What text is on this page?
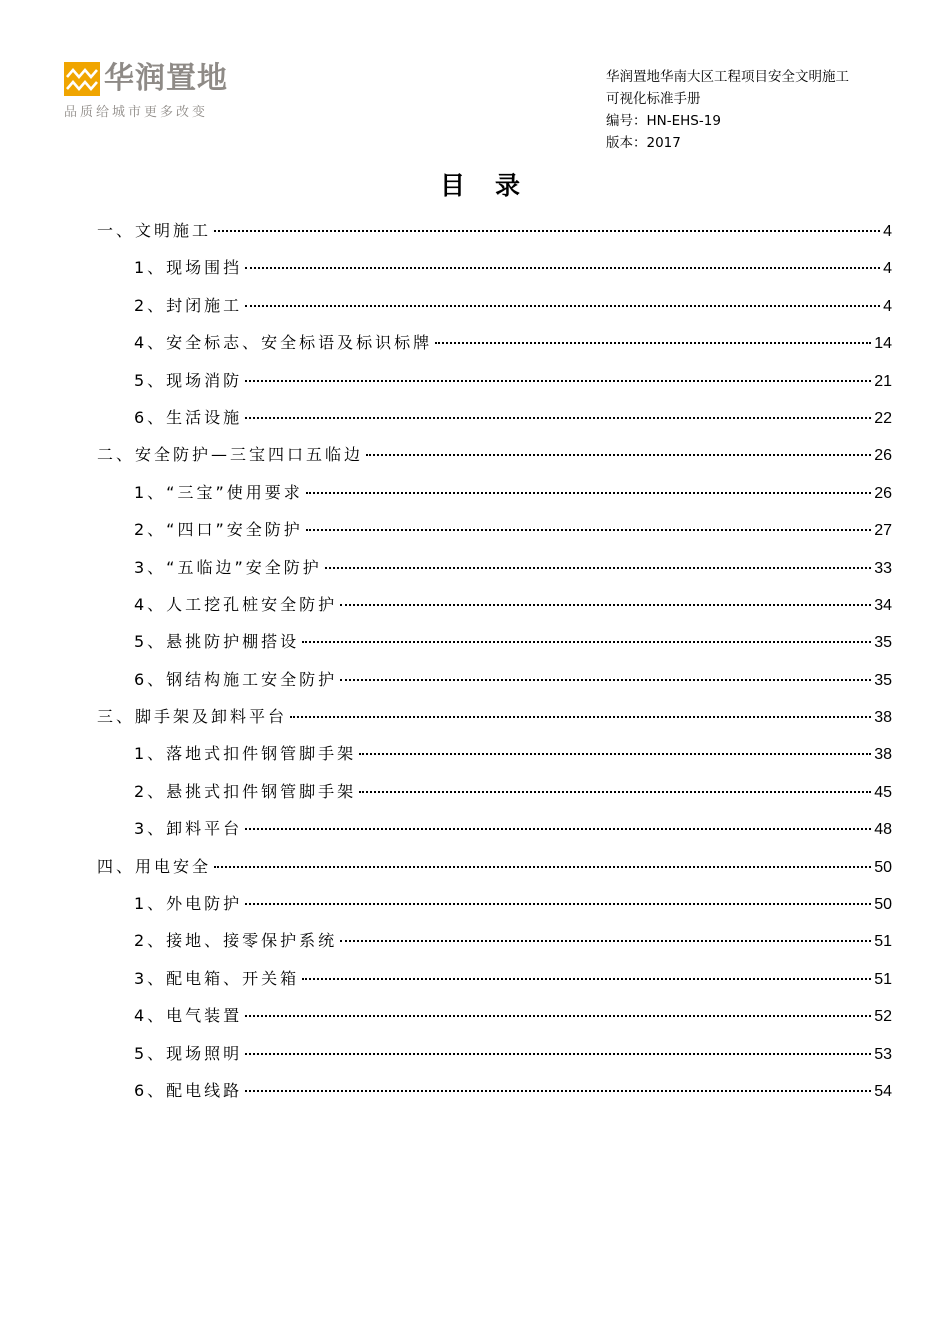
华润置地
品质给城市更多改变
华润置地华南大区工程项目安全文明施工
可视化标准手册
编号：HN-EHS-19
版本：2017
目录
一、文明施工	4
1、现场围挡	4
2、封闭施工	4
4、安全标志、安全标语及标识标牌	14
5、现场消防	21
6、生活设施	22
二、安全防护—三宝四口五临边	26
1、“三宝”使用要求	26
2、“四口”安全防护	27
3、“五临边”安全防护	33
4、人工挖孔桩安全防护	34
5、悬挑防护棚搭设	35
6、钢结构施工安全防护	35
三、脚手架及卸料平台	38
1、落地式扣件钢管脚手架	38
2、悬挑式扣件钢管脚手架	45
3、卸料平台	48
四、用电安全	50
1、外电防护	50
2、接地、接零保护系统	51
3、配电箱、开关箱	51
4、电气装置	52
5、现场照明	53
6、配电线路	54
